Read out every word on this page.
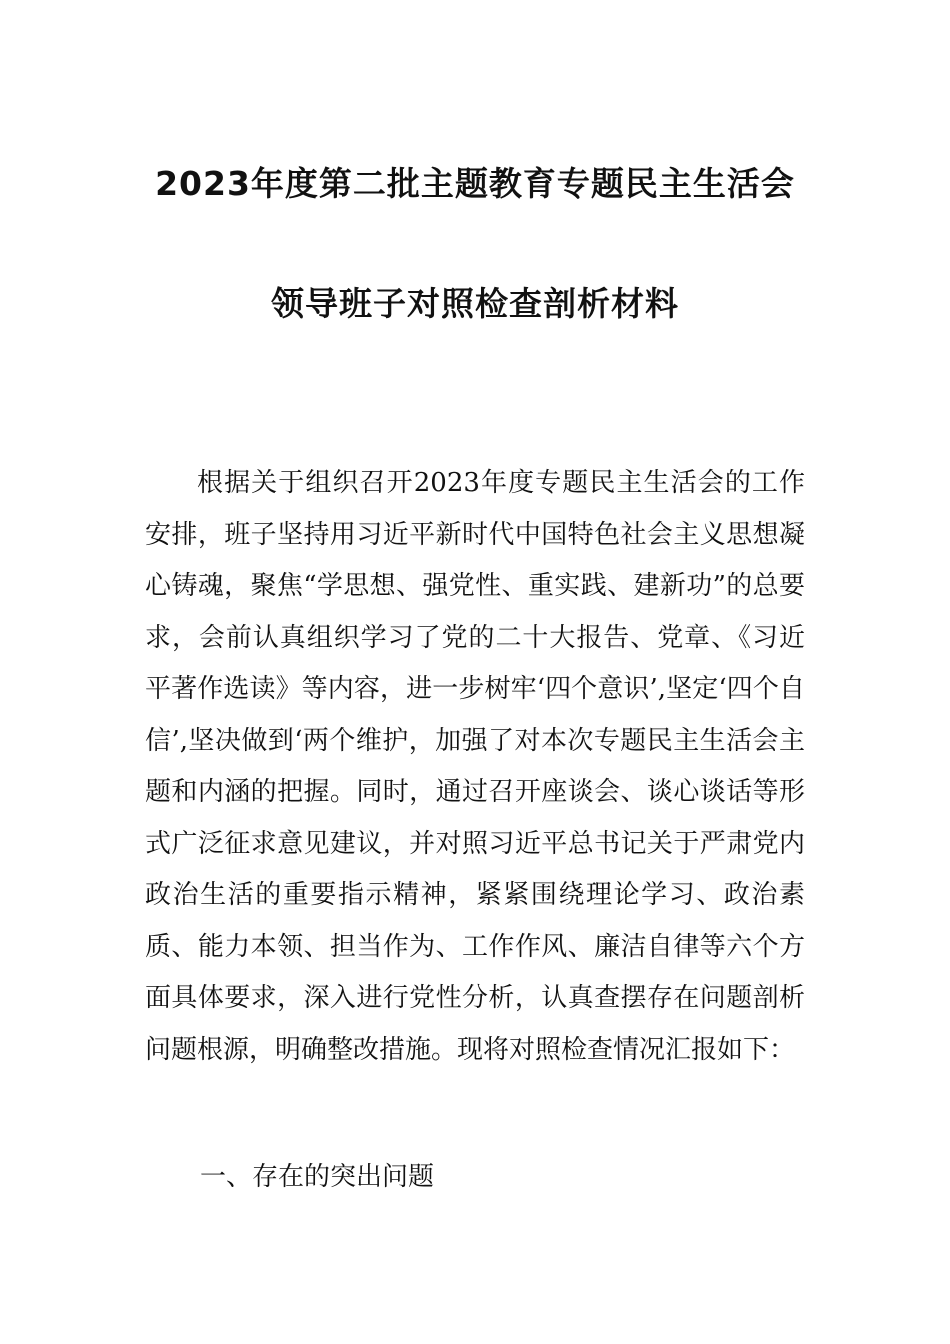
2023年度第二批主题教育专题民主生活会
领导班子对照检查剖析材料

根据关于组织召开2023年度专题民主生活会的工作安排，班子坚持用习近平新时代中国特色社会主义思想凝心铸魂，聚焦“学思想、强党性、重实践、建新功”的总要求，会前认真组织学习了党的二十大报告、党章、《习近平著作选读》等内容，进一步树牢‘四个意识’,坚定‘四个自信’,坚决做到‘两个维护，加强了对本次专题民主生活会主题和内涵的把握。同时，通过召开座谈会、谈心谈话等形式广泛征求意见建议，并对照习近平总书记关于严肃党内政治生活的重要指示精神，紧紧围绕理论学习、政治素质、能力本领、担当作为、工作作风、廉洁自律等六个方面具体要求，深入进行党性分析，认真查摆存在问题剖析问题根源，明确整改措施。现将对照检查情况汇报如下：

一、存在的突出问题
